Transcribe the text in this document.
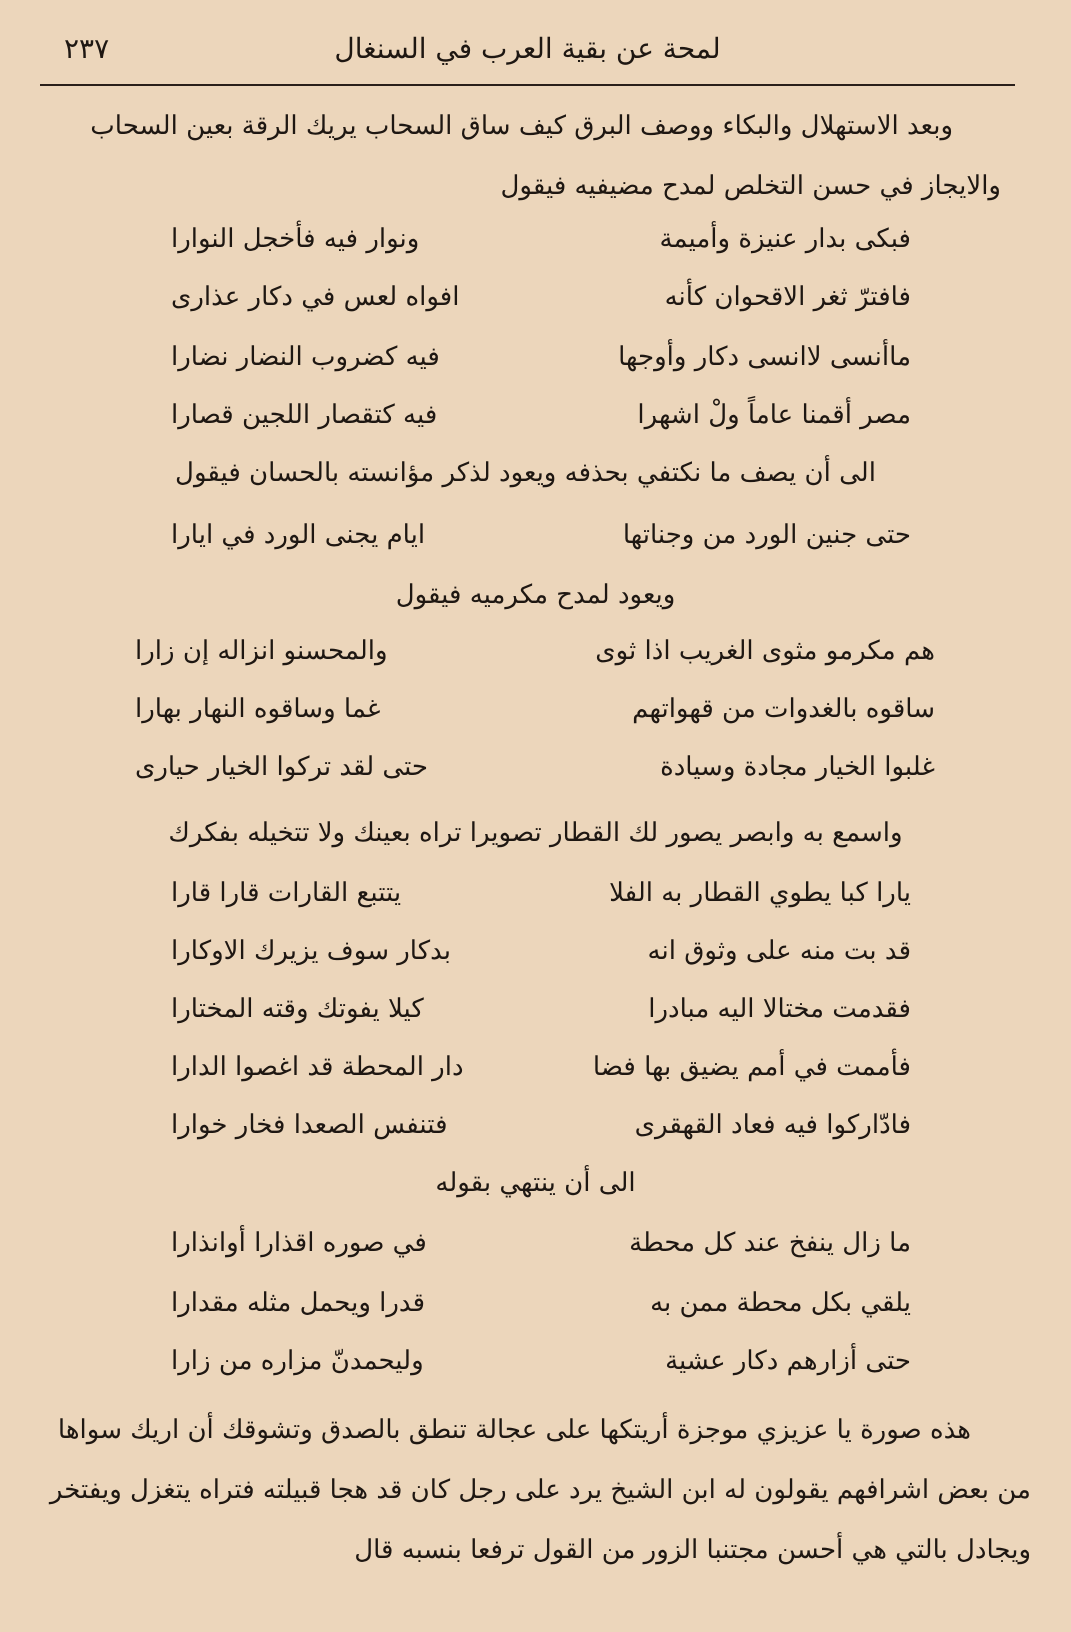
لمحة عن بقية العرب في السنغال
٢٣٧
وبعد الاستهلال والبكاء ووصف البرق كيف ساق السحاب يريك الرقة بعين السحاب
والايجاز في حسن التخلص لمدح مضيفيه فيقول
فبكى بدار عنيزة وأميمة
ونوار فيه فأخجل النوارا
فافترّ ثغر الاقحوان كأنه
افواه لعس في دكار عذارى
ماأنسى لاانسى دكار وأوجها
فيه كضروب النضار نضارا
مصر أقمنا عاماً ولْ اشهرا
فيه كتقصار اللجين قصارا
الى أن يصف ما نكتفي بحذفه ويعود لذكر مؤانسته بالحسان فيقول
حتى جنين الورد من وجناتها
ايام يجنى الورد في ايارا
ويعود لمدح مكرميه فيقول
هم مكرمو مثوى الغريب اذا ثوى
والمحسنو انزاله إن زارا
ساقوه بالغدوات من قهواتهم
غما وساقوه النهار بهارا
غلبوا الخيار مجادة وسيادة
حتى لقد تركوا الخيار حيارى
واسمع به وابصر يصور لك القطار تصويرا تراه بعينك ولا تتخيله بفكرك
يارا كبا يطوي القطار به الفلا
يتتبع القارات قارا قارا
قد بت منه على وثوق انه
بدكار سوف يزيرك الاوكارا
فقدمت مختالا اليه مبادرا
كيلا يفوتك وقته المختارا
فأممت في أمم يضيق بها فضا
دار المحطة قد اغصوا الدارا
فادّاركوا فيه فعاد القهقرى
فتنفس الصعدا فخار خوارا
الى أن ينتهي بقوله
ما زال ينفخ عند كل محطة
في صوره اقذارا أوانذارا
يلقي بكل محطة ممن به
قدرا ويحمل مثله مقدارا
حتى أزارهم دكار عشية
وليحمدنّ مزاره من زارا
هذه صورة يا عزيزي موجزة أريتكها على عجالة تنطق بالصدق وتشوقك أن اريك سواها
من بعض اشرافهم يقولون له ابن الشيخ يرد على رجل كان قد هجا قبيلته فتراه يتغزل ويفتخر
ويجادل بالتي هي أحسن مجتنبا الزور من القول ترفعا بنسبه قال
